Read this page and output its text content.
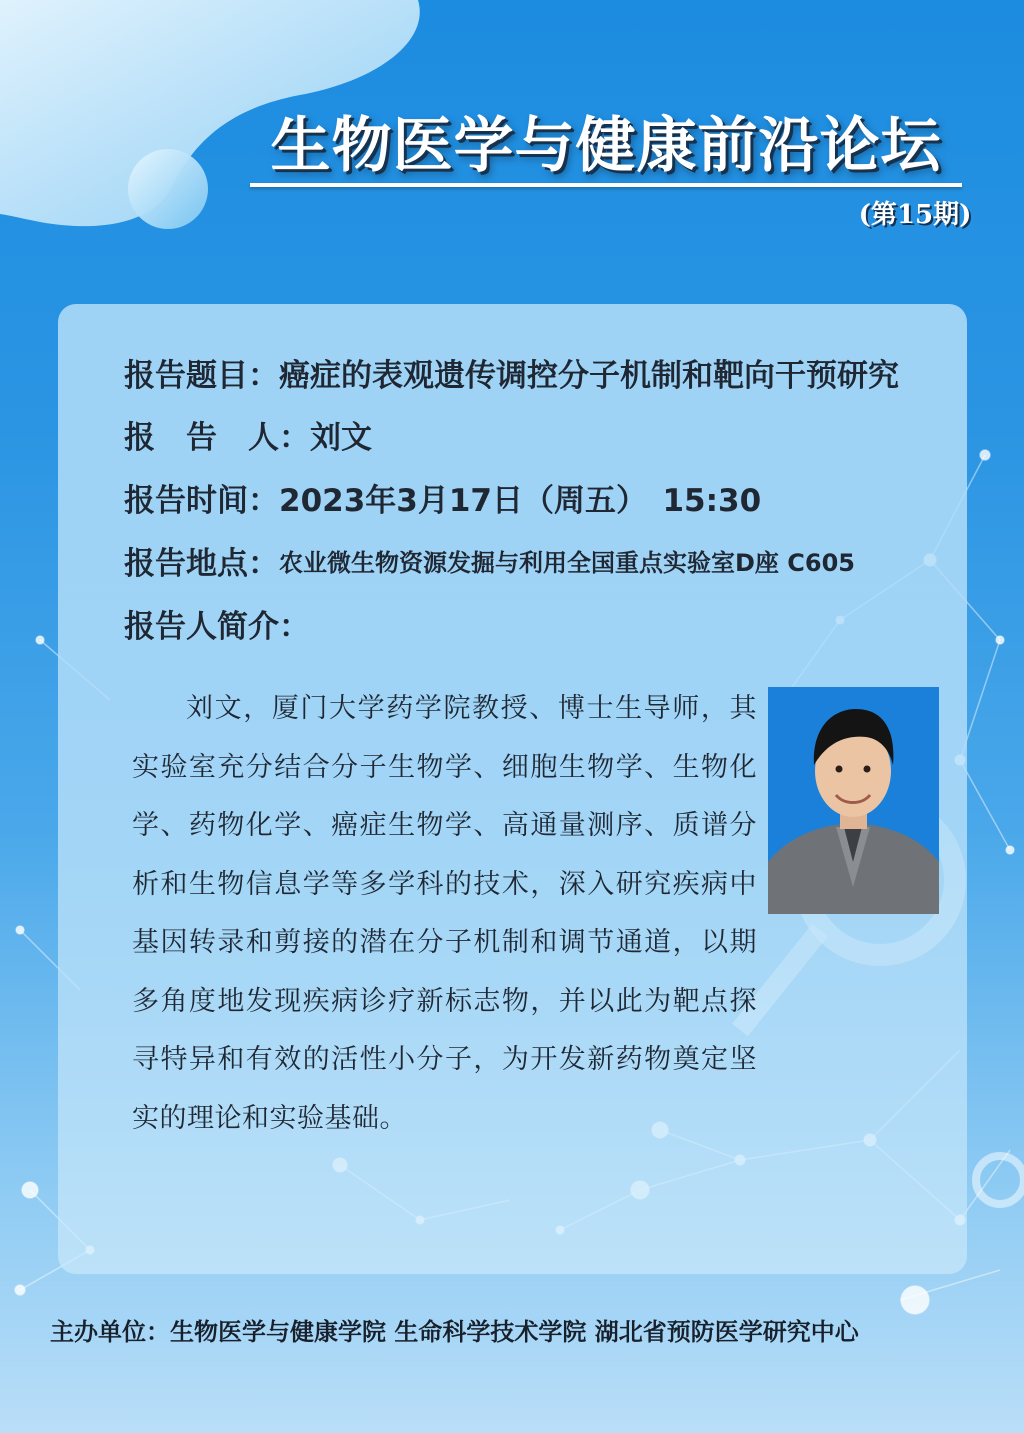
生物医学与健康前沿论坛
(第15期)
报告题目： 癌症的表观遗传调控分子机制和靶向干预研究
报　告　人： 刘文
报告时间： 2023年3月17日（周五）　15:30
报告地点： 农业微生物资源发掘与利用全国重点实验室D座 C605
报告人简介：
刘文，厦门大学药学院教授、博士生导师，其实验室充分结合分子生物学、细胞生物学、生物化学、药物化学、癌症生物学、高通量测序、质谱分析和生物信息学等多学科的技术，深入研究疾病中基因转录和剪接的潜在分子机制和调节通道，以期多角度地发现疾病诊疗新标志物，并以此为靶点探寻特异和有效的活性小分子，为开发新药物奠定坚实的理论和实验基础。
主办单位：生物医学与健康学院 生命科学技术学院 湖北省预防医学研究中心
